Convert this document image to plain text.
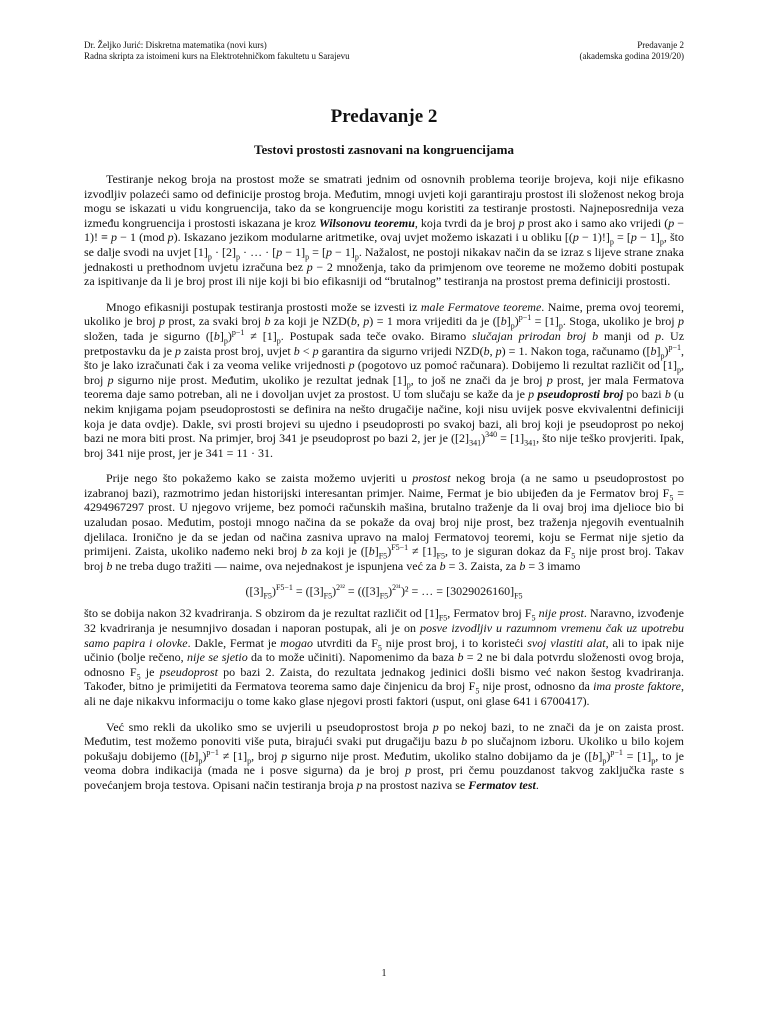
Dr. Željko Jurić: Diskretna matematika (novi kurs)
Radna skripta za istoimeni kurs na Elektrotehničkom fakultetu u Sarajevu
Predavanje 2
(akademska godina 2019/20)
Predavanje 2
Testovi prostosti zasnovani na kongruencijama

Testiranje nekog broja na prostost može se smatrati jednim od osnovnih problema teorije brojeva, koji nije efikasno izvodljiv polazeći samo od definicije prostog broja. Međutim, mnogi uvjeti koji garantiraju prostost ili složenost nekog broja mogu se iskazati u vidu kongruencija, tako da se kongruencije mogu koristiti za testiranje prostosti. Najneposrednija veza između kongruencija i prostosti iskazana je kroz Wilsonovu teoremu, koja tvrdi da je broj p prost ako i samo ako vrijedi (p − 1)! ≡ p − 1 (mod p). Iskazano jezikom modularne aritmetike, ovaj uvjet možemo iskazati i u obliku $[(p - 1)!]_p = [p - 1]_p$, što se dalje svodi na uvjet $[1]_p \cdot [2]_p$ · … · $[p - 1]_p = [p - 1]_p$. Nažalost, ne postoji nikakav način da se izraz s lijeve strane znaka jednakosti u prethodnom uvjetu izračuna bez p − 2 množenja, tako da primjenom ove teoreme ne možemo dobiti postupak za ispitivanje da li je broj prost ili nije koji bi bio efikasniji od “brutalnog” testiranja na prostost prema definiciji prostosti.

Mnogo efikasniji postupak testiranja prostosti može se izvesti iz male Fermatove teoreme. Naime, prema ovoj teoremi, ukoliko je broj p prost, za svaki broj b za koji je NZD(b, p) = 1 mora vrijediti da je $([b]_p)^{p-1} = [1]_p$. Stoga, ukoliko je broj p složen, tada je sigurno $([b]_p)^{p-1} \ne [1]_p$. Postupak sada teče ovako. Biramo slučajan prirodan broj b manji od p. Uz pretpostavku da je p zaista prost broj, uvjet b < p garantira da sigurno vrijedi NZD(b, p) = 1. Nakon toga, računamo $([b]_p)^{p-1}$, što je lako izračunati čak i za veoma velike vrijednosti p (pogotovo uz pomoć računara). Dobijemo li rezultat različit od $[1]_p$, broj p sigurno nije prost. Međutim, ukoliko je rezultat jednak $[1]_p$, to još ne znači da je broj p prost, jer mala Fermatova teorema daje samo potreban, ali ne i dovoljan uvjet za prostost. U tom slučaju se kaže da je p pseudoprosti broj po bazi b (u nekim knjigama pojam pseudoprostosti se definira na nešto drugačije načine, koji nisu uvijek posve ekvivalentni definiciji koja je data ovdje). Dakle, svi prosti brojevi su ujedno i pseudoprosti po svakoj bazi, ali broj koji je pseudoprost po nekoj bazi ne mora biti prost. Na primjer, broj 341 je pseudoprost po bazi 2, jer je $([2]_{341})^{340} = [1]_{341}$, što nije teško provjeriti. Ipak, broj 341 nije prost, jer je 341 = 11 · 31.

Prije nego što pokažemo kako se zaista možemo uvjeriti u prostost nekog broja (a ne samo u pseudoprostost po izabranoj bazi), razmotrimo jedan historijski interesantan primjer. Naime, Fermat je bio ubijeđen da je Fermatov broj $F_5 = 4294967297$ prost. U njegovo vrijeme, bez pomoći računskih mašina, brutalno traženje da li ovaj broj ima djelioce bio bi uzaludan posao. Međutim, postoji mnogo načina da se pokaže da ovaj broj nije prost, bez traženja njegovih eventualnih djelilaca. Ironično je da se jedan od načina zasniva upravo na maloj Fermatovoj teoremi, koju se Fermat nije sjetio da primijeni. Zaista, ukoliko nađemo neki broj b za koji je $([b]_{F5})^{F5-1} \ne [1]_{F5}$, to je siguran dokaz da $F_5$ nije prost broj. Takav broj b ne treba dugo tražiti — naime, ova nejednakost je ispunjena već za b = 3. Zaista, za b = 3 imamo

$([3]_{F5})^{F5-1} = ([3]_{F5})^{2^{32}} = (([3]_{F5})^{2^{31}})^2$ = … = $[3029026160]_{F5}$

što se dobija nakon 32 kvadriranja. S obzirom da je rezultat različit od $[1]_{F5}$, Fermatov broj $F_5$ nije prost. Naravno, izvođenje 32 kvadriranja je nesumnjivo dosadan i naporan postupak, ali je on posve izvodljiv u razumnom vremenu čak uz upotrebu samo papira i olovke. Dakle, Fermat je mogao utvrditi da $F_5$ nije prost broj, i to koristeći svoj vlastiti alat, ali to ipak nije učinio (bolje rečeno, nije se sjetio da to može učiniti). Napomenimo da baza b = 2 ne bi dala potvrdu složenosti ovog broja, odnosno $F_5$ je pseudoprost po bazi 2. Zaista, do rezultata jednakog jedinici došli bismo već nakon šestog kvadriranja. Također, bitno je primijetiti da Fermatova teorema samo daje činjenicu da broj $F_5$ nije prost, odnosno da ima proste faktore, ali ne daje nikakvu informaciju o tome kako glase njegovi prosti faktori (usput, oni glase 641 i 6700417).

Već smo rekli da ukoliko smo se uvjerili u pseudoprostost broja p po nekoj bazi, to ne znači da je on zaista prost. Međutim, test možemo ponoviti više puta, birajući svaki put drugačiju bazu b po slučajnom izboru. Ukoliko u bilo kojem pokušaju dobijemo $([b]_p)^{p-1} \ne [1]_p$, broj p sigurno nije prost. Međutim, ukoliko stalno dobijamo da je $([b]_p)^{p-1} = [1]_p$, to je veoma dobra indikacija (mada ne i posve sigurna) da je broj p prost, pri čemu pouzdanost takvog zaključka raste s povećanjem broja testova. Opisani način testiranja broja p na prostost naziva se Fermatov test.

1
